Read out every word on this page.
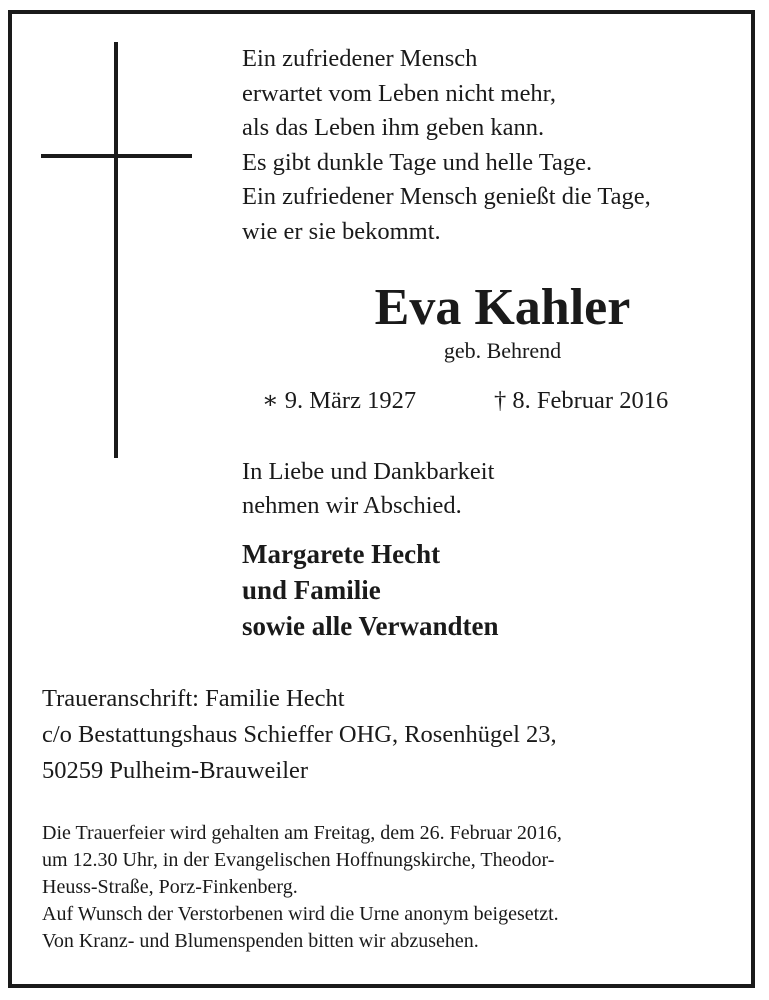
Ein zufriedener Mensch
erwartet vom Leben nicht mehr,
als das Leben ihm geben kann.
Es gibt dunkle Tage und helle Tage.
Ein zufriedener Mensch genießt die Tage,
wie er sie bekommt.
Eva Kahler
geb. Behrend
∗ 9. März 1927	† 8. Februar 2016
In Liebe und Dankbarkeit
nehmen wir Abschied.
Margarete Hecht
und Familie
sowie alle Verwandten
Traueranschrift: Familie Hecht
c/o Bestattungshaus Schieffer OHG, Rosenhügel 23,
50259 Pulheim-Brauweiler
Die Trauerfeier wird gehalten am Freitag, dem 26. Februar 2016,
um 12.30 Uhr, in der Evangelischen Hoffnungskirche, Theodor-
Heuss-Straße, Porz-Finkenberg.
Auf Wunsch der Verstorbenen wird die Urne anonym beigesetzt.
Von Kranz- und Blumenspenden bitten wir abzusehen.
